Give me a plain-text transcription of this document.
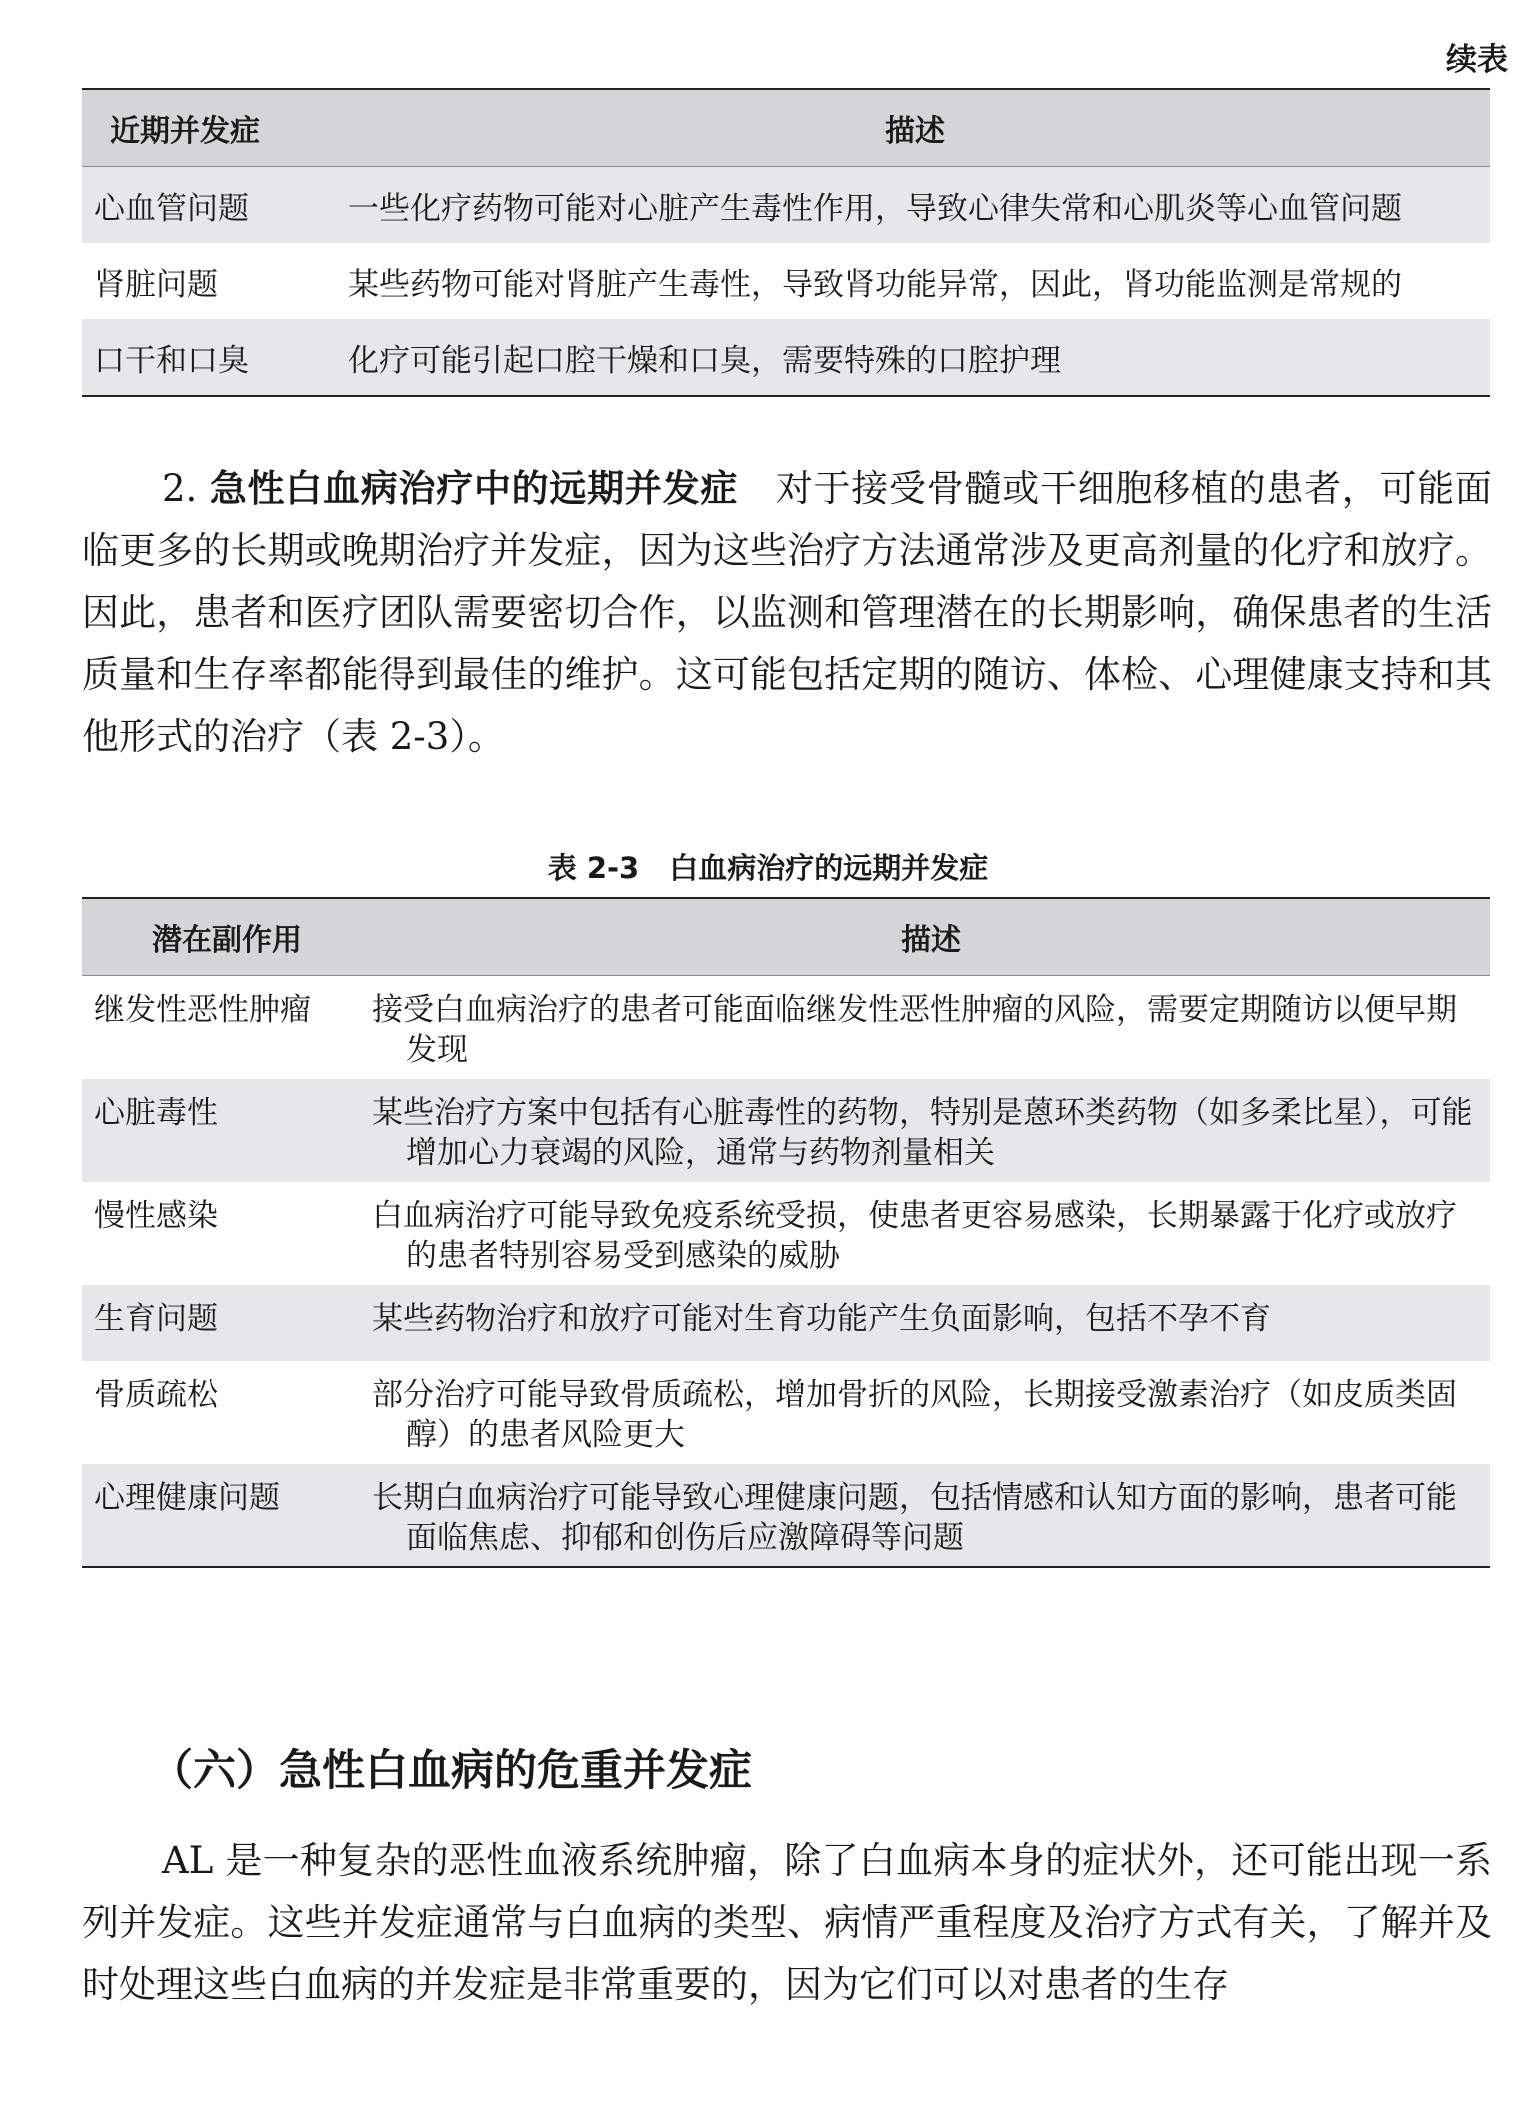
续表
近期并发症	描述
心血管问题	一些化疗药物可能对心脏产生毒性作用，导致心律失常和心肌炎等心血管问题
肾脏问题	某些药物可能对肾脏产生毒性，导致肾功能异常，因此，肾功能监测是常规的
口干和口臭	化疗可能引起口腔干燥和口臭，需要特殊的口腔护理

2. 急性白血病治疗中的远期并发症　 对于接受骨髓或干细胞移植的患者，可能面临更多的长期或晚期治疗并发症，因为这些治疗方法通常涉及更高剂量的化疗和放疗。因此，患者和医疗团队需要密切合作，以监测和管理潜在的长期影响，确保患者的生活质量和生存率都能得到最佳的维护。这可能包括定期的随访、体检、心理健康支持和其他形式的治疗（表 2-3）。

表 2-3 白血病治疗的远期并发症
潜在副作用	描述
继发性恶性肿瘤	接受白血病治疗的患者可能面临继发性恶性肿瘤的风险，需要定期随访以便早期发现

心脏毒性	某些治疗方案中包括有心脏毒性的药物，特别是蒽环类药物（如多柔比星），可能增加心力衰竭的风险，通常与药物剂量相关

慢性感染	白血病治疗可能导致免疫系统受损，使患者更容易感染，长期暴露于化疗或放疗的患者特别容易受到感染的威胁

生育问题	某些药物治疗和放疗可能对生育功能产生负面影响，包括不孕不育

骨质疏松	部分治疗可能导致骨质疏松，增加骨折的风险，长期接受激素治疗（如皮质类固醇）的患者风险更大

心理健康问题	长期白血病治疗可能导致心理健康问题，包括情感和认知方面的影响，患者可能面临焦虑、抑郁和创伤后应激障碍等问题
（六）急性白血病的危重并发症

AL 是一种复杂的恶性血液系统肿瘤，除了白血病本身的症状外，还可能出现一系列并发症。这些并发症通常与白血病的类型、病情严重程度及治疗方式有关，了解并及时处理这些白血病的并发症是非常重要的，因为它们可以对患者的生存
